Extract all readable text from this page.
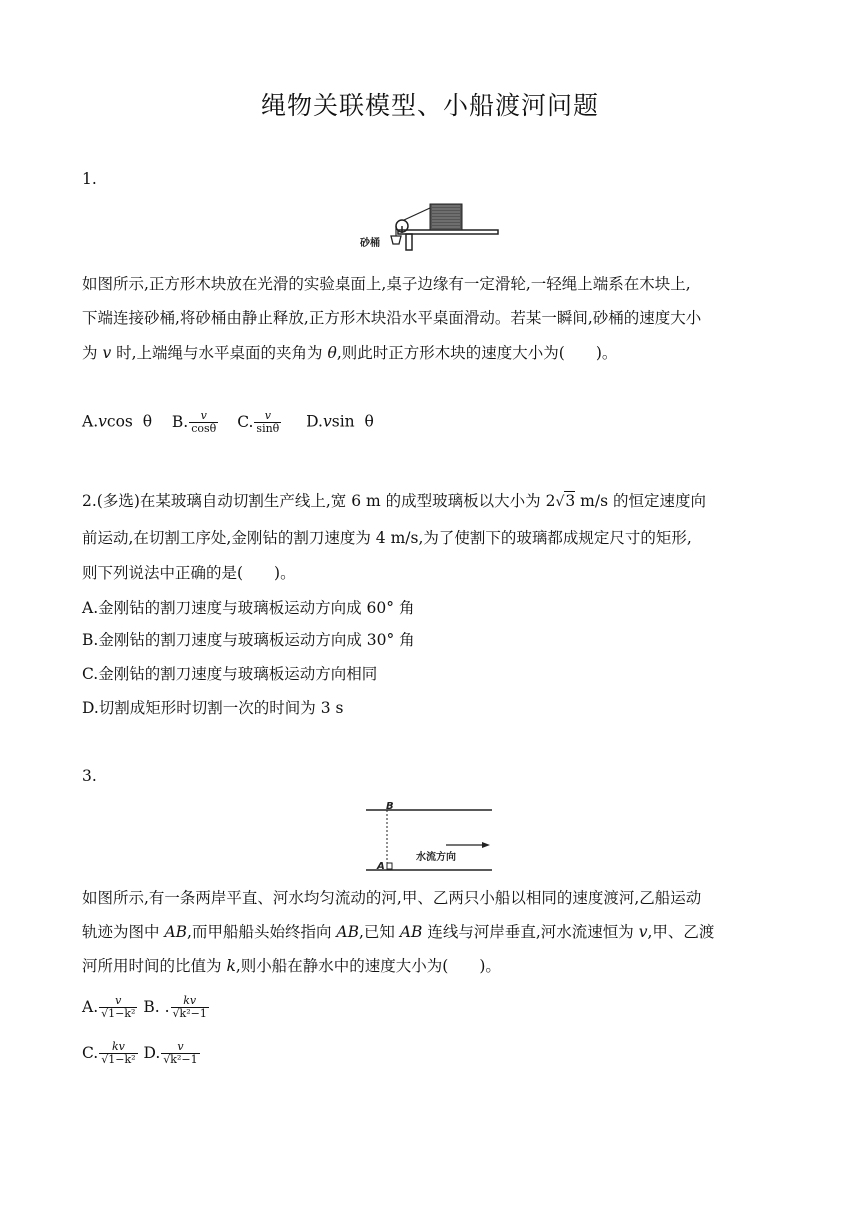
绳物关联模型、小船渡河问题
1.
砂桶
如图所示,正方形木块放在光滑的实验桌面上,桌子边缘有一定滑轮,一轻绳上端系在木块上,
下端连接砂桶,将砂桶由静止释放,正方形木块沿水平桌面滑动。若某一瞬间,砂桶的速度大小
为 v 时,上端绳与水平桌面的夹角为 θ,则此时正方形木块的速度大小为(　　)。
A.vcos  θ B. $\frac{v}{\cos\theta} C$. $\frac{v}{\sin\theta} D.vsin$  θ
2.(多选)在某玻璃自动切割生产线上,宽 6 m 的成型玻璃板以大小为 2√3 m/s 的恒定速度向
前运动,在切割工序处,金刚钻的割刀速度为 4 m/s,为了使割下的玻璃都成规定尺寸的矩形,
则下列说法中正确的是(　　)。
A.金刚钻的割刀速度与玻璃板运动方向成 60° 角
B.金刚钻的割刀速度与玻璃板运动方向成 30° 角
C.金刚钻的割刀速度与玻璃板运动方向相同
D.切割成矩形时切割一次的时间为 3 s
3.
B
A
水流方向
如图所示,有一条两岸平直、河水均匀流动的河,甲、乙两只小船以相同的速度渡河,乙船运动
轨迹为图中 AB,而甲船船头始终指向 AB,已知 AB 连线与河岸垂直,河水流速恒为 v,甲、乙渡
河所用时间的比值为 k,则小船在静水中的速度大小为(　　)。
A. $\frac{v}{\text{√1−k²}} B$. . $\frac{kv}{\text{√k²−1}}$
C. $\frac{kv}{\text{√1−k²}} D$. $\frac{v}{\text{√k²−1}}$
